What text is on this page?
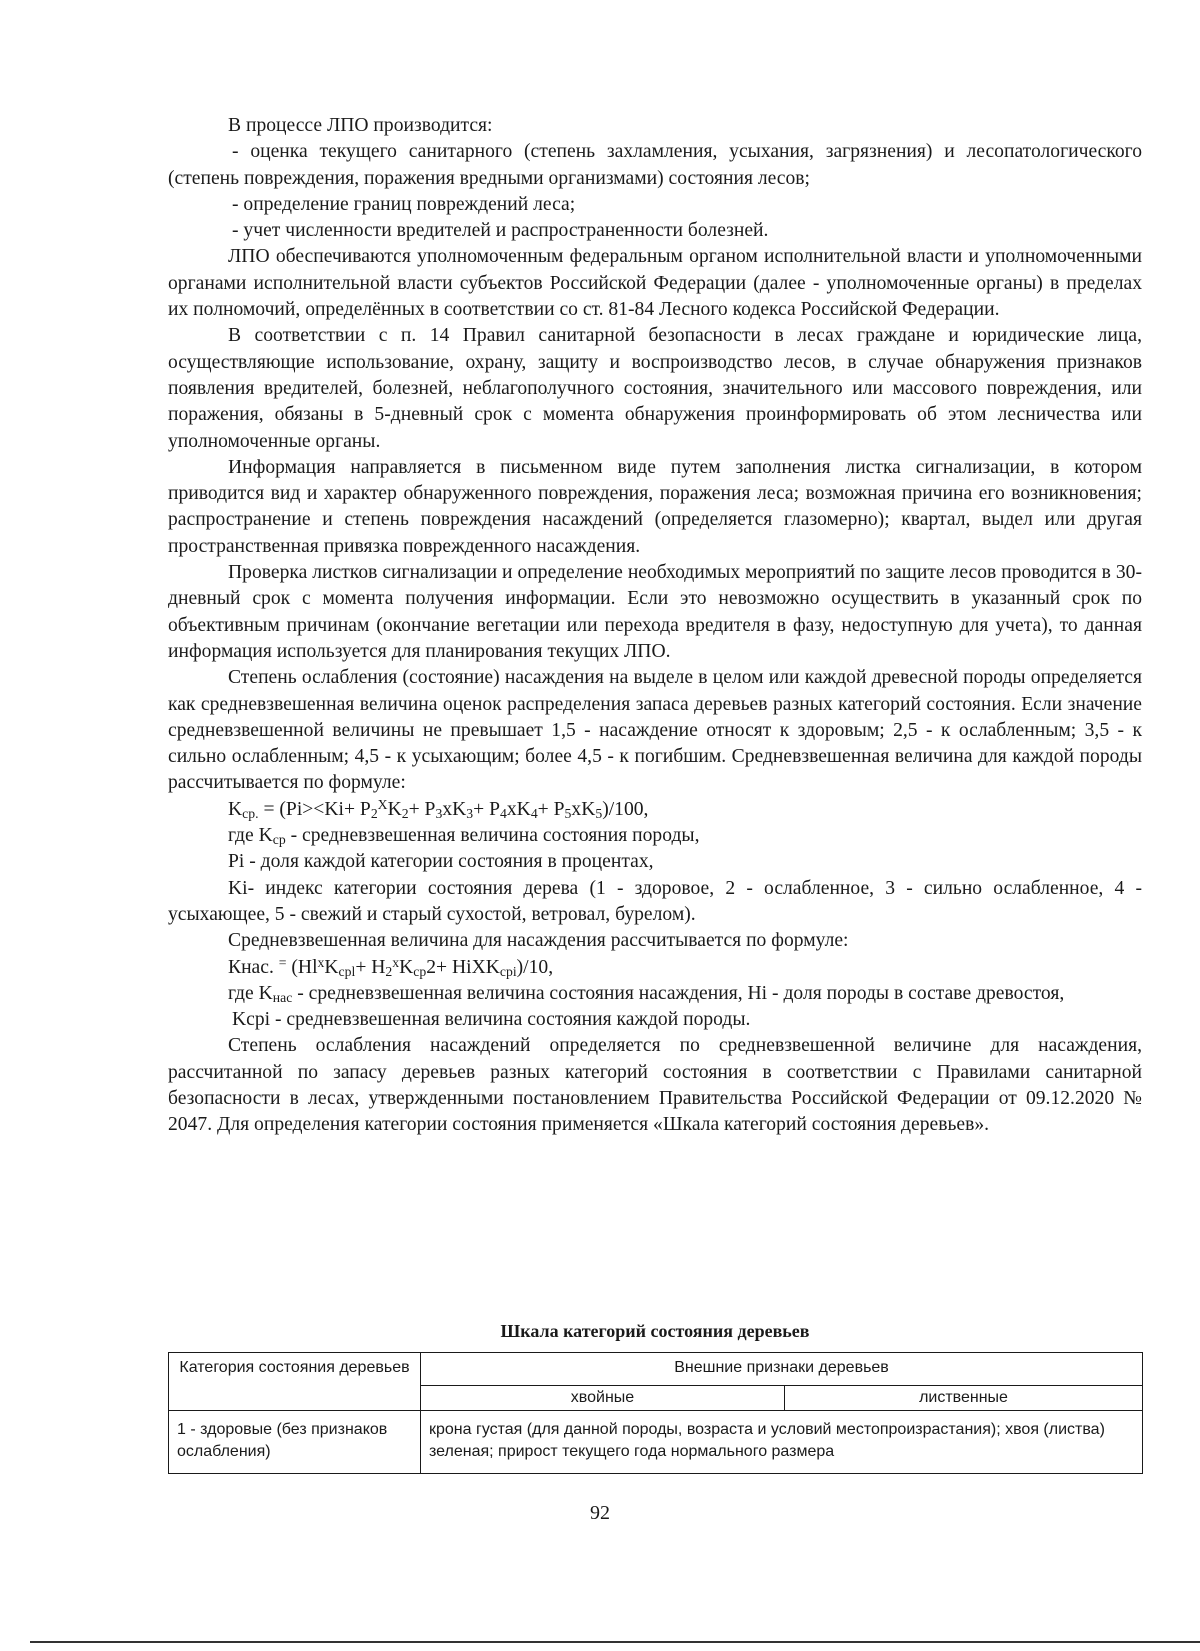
В процессе ЛПО производится:

- оценка текущего санитарного (степень захламления, усыхания, загрязнения) и лесопатологического (степень повреждения, поражения вредными организмами) состояния лесов;

- определение границ повреждений леса;

- учет численности вредителей и распространенности болезней.

ЛПО обеспечиваются уполномоченным федеральным органом исполнительной власти и уполномоченными органами исполнительной власти субъектов Российской Федерации (далее - уполномоченные органы) в пределах их полномочий, определённых в соответствии со ст. 81-84 Лесного кодекса Российской Федерации.

В соответствии с п. 14 Правил санитарной безопасности в лесах граждане и юридические лица, осуществляющие использование, охрану, защиту и воспроизводство лесов, в случае обнаружения признаков появления вредителей, болезней, неблагополучного состояния, значительного или массового повреждения, или поражения, обязаны в 5-дневный срок с момента обнаружения проинформировать об этом лесничества или уполномоченные органы.

Информация направляется в письменном виде путем заполнения листка сигнализации, в котором приводится вид и характер обнаруженного повреждения, поражения леса; возможная причина его возникновения; распространение и степень повреждения насаждений (определяется глазомерно); квартал, выдел или другая пространственная привязка поврежденного насаждения.

Проверка листков сигнализации и определение необходимых мероприятий по защите лесов проводится в 30-дневный срок с момента получения информации. Если это невозможно осуществить в указанный срок по объективным причинам (окончание вегетации или перехода вредителя в фазу, недоступную для учета), то данная информация используется для планирования текущих ЛПО.

Степень ослабления (состояние) насаждения на выделе в целом или каждой древесной породы определяется как средневзвешенная величина оценок распределения запаса деревьев разных категорий состояния. Если значение средневзвешенной величины не превышает 1,5 - насаждение относят к здоровым; 2,5 - к ослабленным; 3,5 - к сильно ослабленным; 4,5 - к усыхающим; более 4,5 - к погибшим. Средневзвешенная величина для каждой породы рассчитывается по формуле:

$K_{ср.} = (Pi><Ki+ P_2^XK_2+ P_3xK_3+ P_4xK_4+ P_5xK_5)/100$,

где $K_{ср}$ - средневзвешенная величина состояния породы,

Pi - доля каждой категории состояния в процентах,

Ki- индекс категории состояния дерева (1 - здоровое, 2 - ослабленное, 3 - сильно ослабленное, 4 - усыхающее, 5 - свежий и старый сухостой, ветровал, бурелом).

Средневзвешенная величина для насаждения рассчитывается по формуле:

Кнас. = ($Hl^xK_{cpl}+ H_2^xK_{cp}2+$ HiXK$_{cpi}$)/10,

где $K_{нас}$ - средневзвешенная величина состояния насаждения, Hi - доля породы в составе древостоя,

Kcpi - средневзвешенная величина состояния каждой породы.

Степень ослабления насаждений определяется по средневзвешенной величине для насаждения, рассчитанной по запасу деревьев разных категорий состояния в соответствии с Правилами санитарной безопасности в лесах, утвержденными постановлением Правительства Российской Федерации от 09.12.2020 № 2047. Для определения категории состояния применяется «Шкала категорий состояния деревьев».

Шкала категорий состояния деревьев
Категория состояния деревьев	Внешние признаки деревьев	
	хвойные	лиственные
1 - здоровые (без признаков ослабления)	крона густая (для данной породы, возраста и условий местопроизрастания); хвоя (листва) зеленая; прирост текущего года нормального размера	
92
